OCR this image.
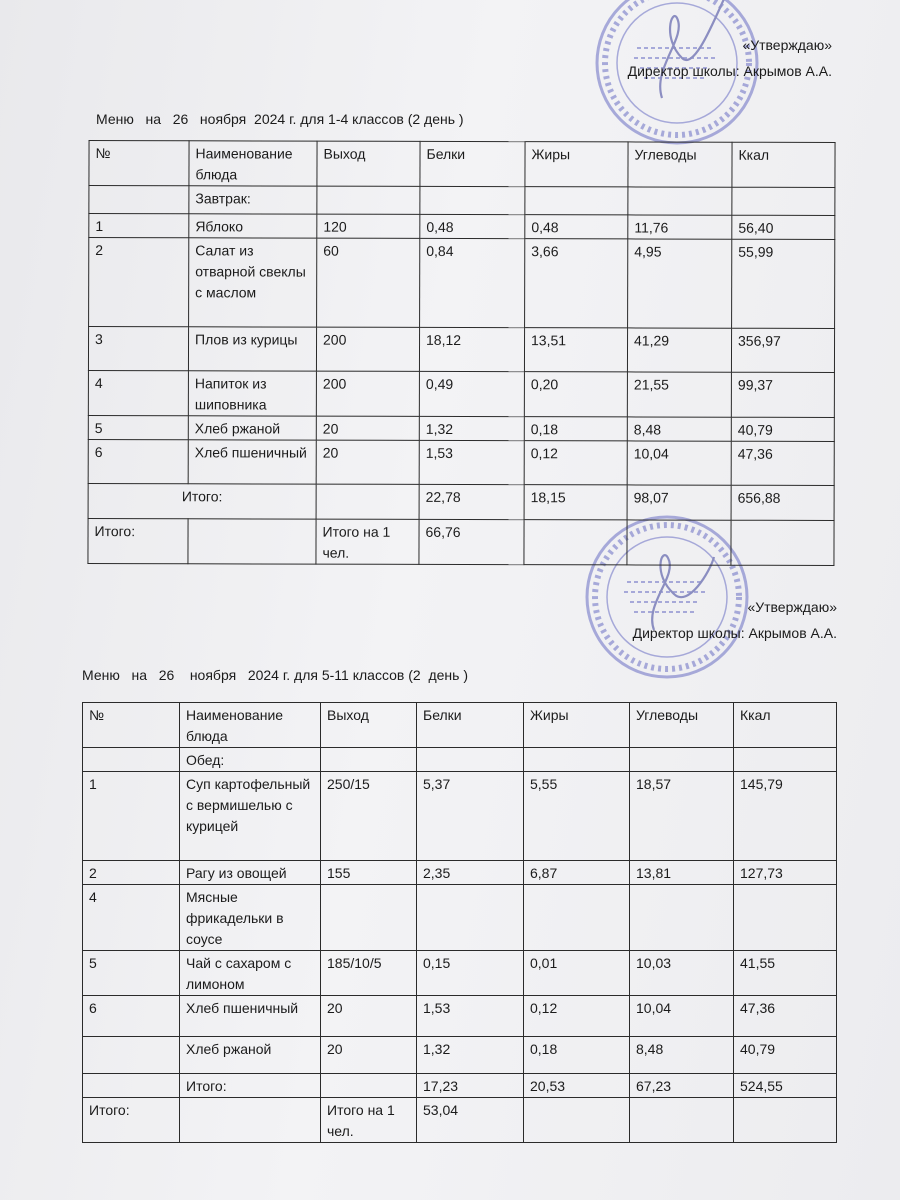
«Утверждаю»
Директор школы: Акрымов А.А.
Меню   на   26   ноября  2024 г. для 1-4 классов (2 день )
№	Наименование блюда	Выход	Белки	Жиры	Углеводы	Ккал
	Завтрак:					
1	Яблоко	120	0,48	0,48	11,76	56,40
2	Салат из отварной свеклы с маслом	60	0,84	3,66	4,95	55,99
3	Плов из курицы	200	18,12	13,51	41,29	356,97
4	Напиток из шиповника	200	0,49	0,20	21,55	99,37
5	Хлеб ржаной	20	1,32	0,18	8,48	40,79
6	Хлеб пшеничный	20	1,53	0,12	10,04	47,36
Итого:			22,78	18,15	98,07	656,88
Итого:		Итого на 1 чел.	66,76			
«Утверждаю»
Директор школы: Акрымов А.А.
Меню   на   26    ноября   2024 г. для 5-11 классов (2  день )
№	Наименование блюда	Выход	Белки	Жиры	Углеводы	Ккал
	Обед:					
1	Суп картофельный с вермишелью с курицей	250/15	5,37	5,55	18,57	145,79
2	Рагу из овощей	155	2,35	6,87	13,81	127,73
4	Мясные фрикадельки в соусе					
5	Чай с сахаром с лимоном	185/10/5	0,15	0,01	10,03	41,55
6	Хлеб пшеничный	20	1,53	0,12	10,04	47,36
	Хлеб ржаной	20	1,32	0,18	8,48	40,79
	Итого:		17,23	20,53	67,23	524,55
Итого:		Итого на 1 чел.	53,04			
